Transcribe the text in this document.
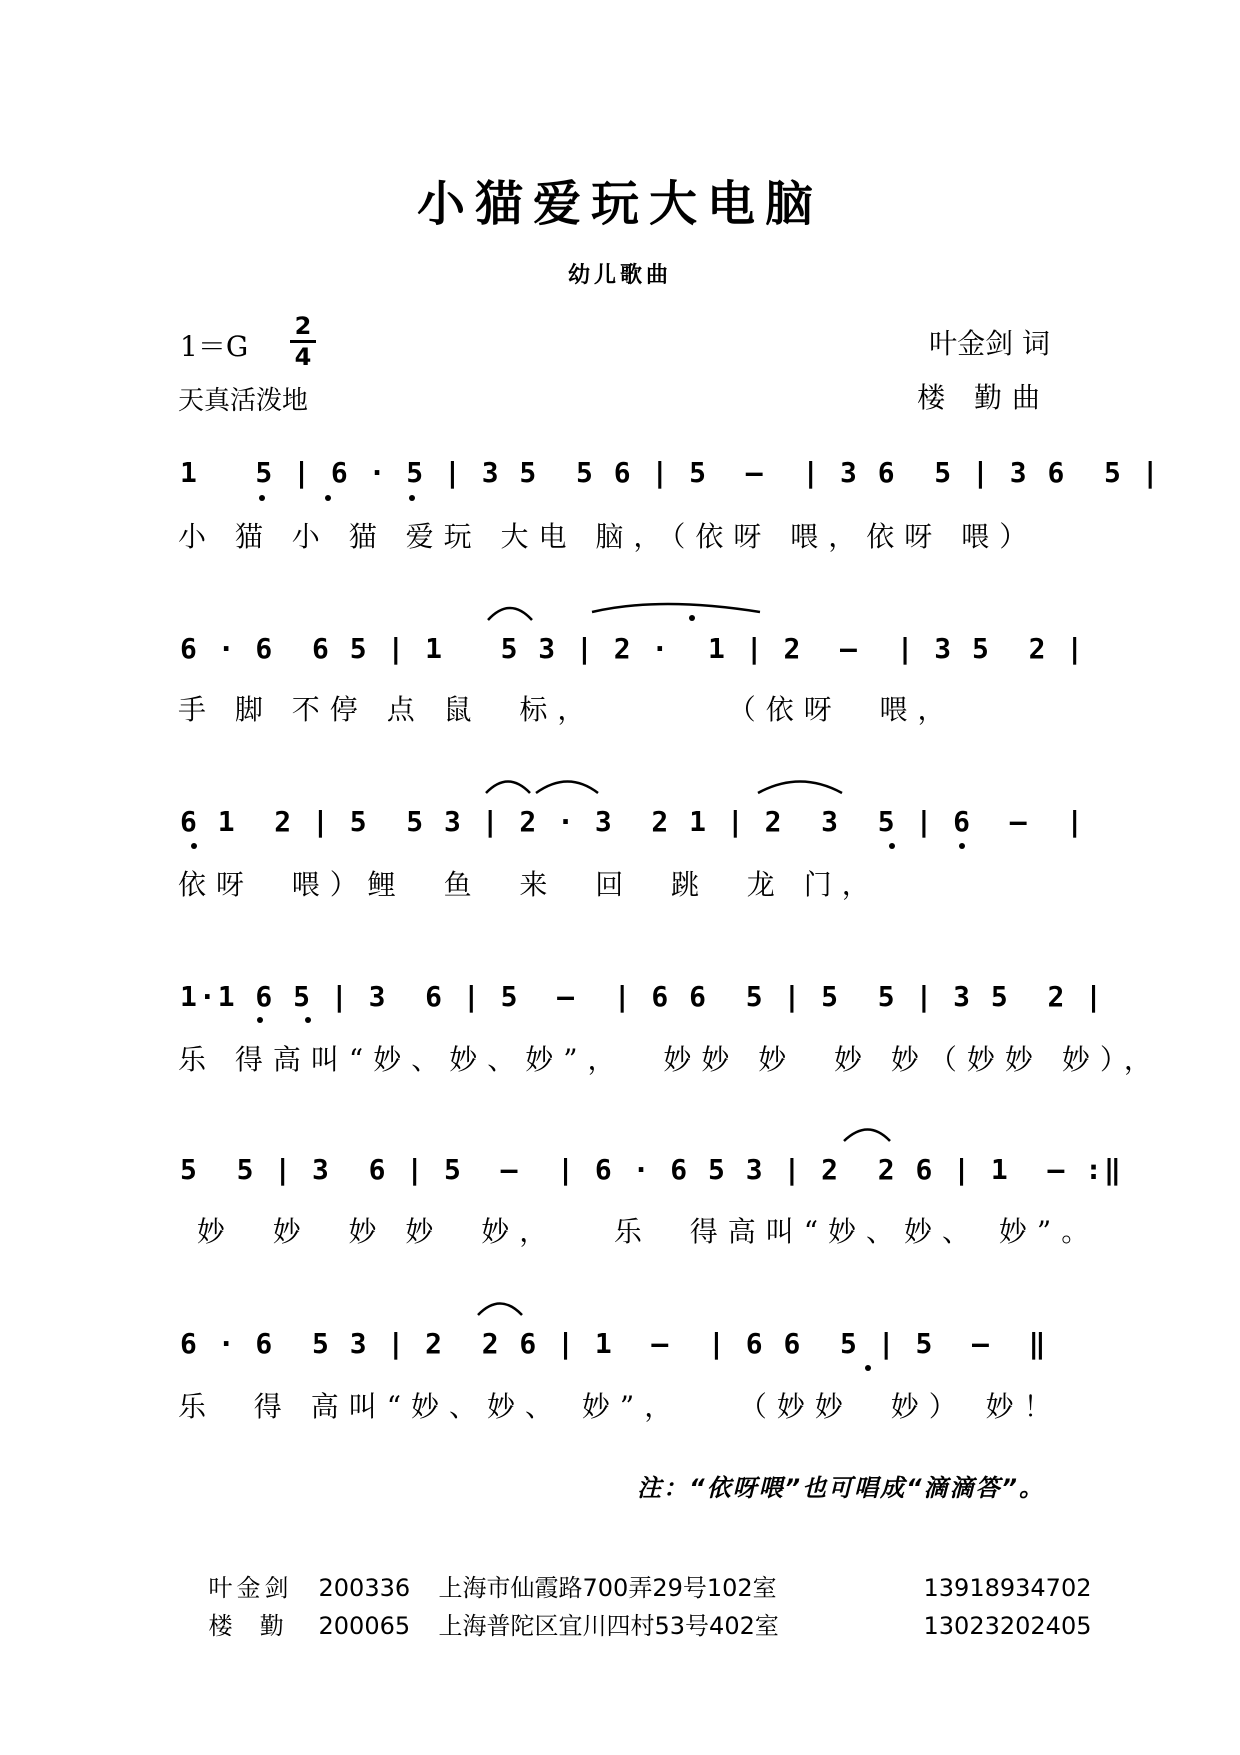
小猫爱玩大电脑
幼儿歌曲
1＝G
2
4
天真活泼地
叶金剑 词
楼 勤曲
1   5 | 6 · 5 | 3 5  5 6 | 5  –  | 3 6  5 | 3 6  5 |
小 猫 小 猫 爱玩 大电 脑，（依呀 喂，依呀 喂）
6 · 6  6 5 | 1   5 3 | 2 ·  1 | 2  –  | 3 5  2 |
手 脚 不停 点 鼠  标，       （依呀  喂，
6 1  2 | 5  5 3 | 2 · 3  2 1 | 2  3  5 | 6  –  |
依呀  喂）鲤  鱼  来  回  跳  龙 门，
1·1 6 5 | 3  6 | 5  –  | 6 6  5 | 5  5 | 3 5  2 |
乐 得高叫“妙、妙、妙”，  妙妙 妙  妙 妙（妙妙 妙），
5  5 | 3  6 | 5  –  | 6 · 6 5 3 | 2  2 6 | 1  – :‖
妙  妙  妙 妙  妙，   乐  得高叫“妙、妙、 妙”。
6 · 6  5 3 | 2  2 6 | 1  –  | 6 6  5 | 5  –  ‖
乐  得 高叫“妙、妙、 妙”，   （妙妙  妙） 妙！
注：“依呀喂”也可唱成“滴滴答”。

叶金剑 200336 上海市仙霞路700弄29号102室	13918934702

楼  勤 200065 上海普陀区宜川四村53号402室	13023202405
